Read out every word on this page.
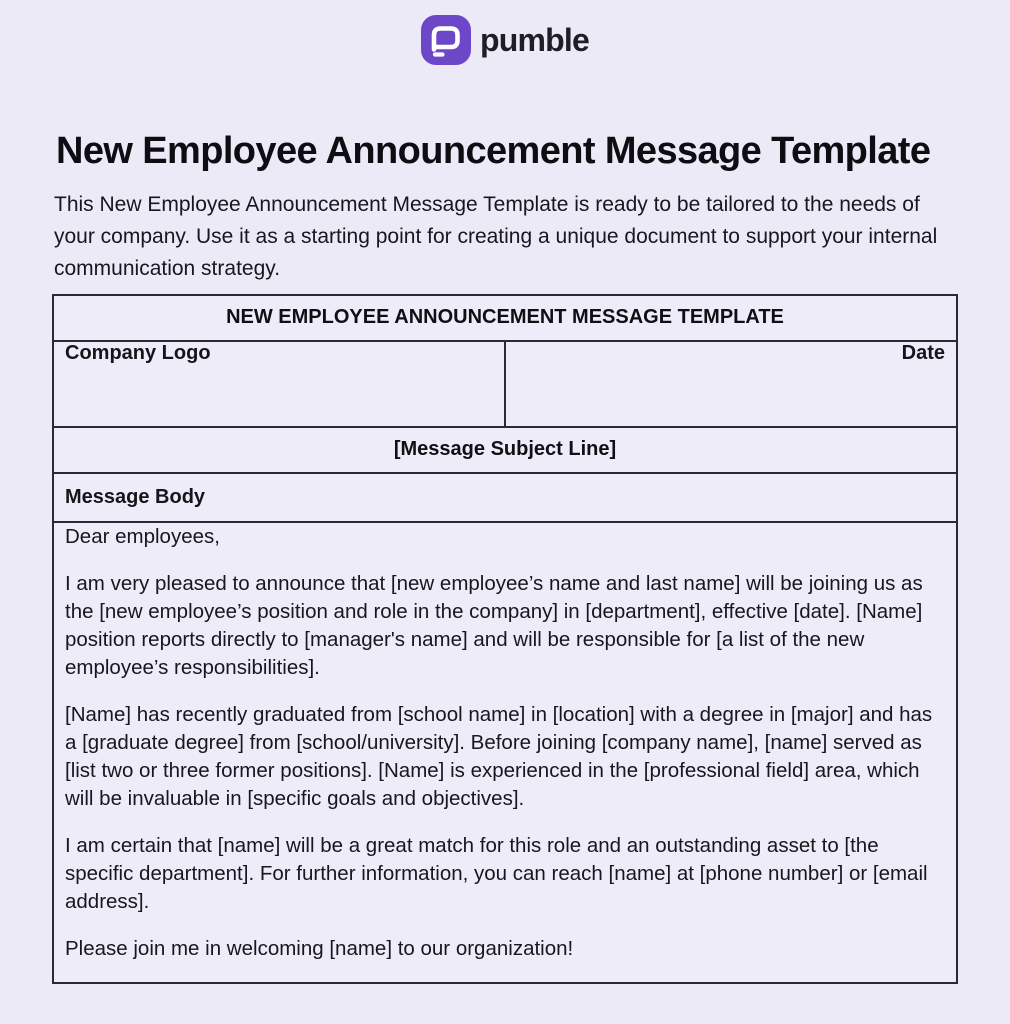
pumble
New Employee Announcement Message Template

This New Employee Announcement Message Template is ready to be tailored to the needs of your company. Use it as a starting point for creating a unique document to support your internal communication strategy.

NEW EMPLOYEE ANNOUNCEMENT MESSAGE TEMPLATE
Company Logo	Date
[Message Subject Line]
Message Body

Dear employees,

I am very pleased to announce that [new employee’s name and last name] will be joining us as the [new employee’s position and role in the company] in [department], effective [date]. [Name] position reports directly to [manager's name] and will be responsible for [a list of the new employee’s responsibilities].

[Name] has recently graduated from [school name] in [location] with a degree in [major] and has a [graduate degree] from [school/university]. Before joining [company name], [name] served as [list two or three former positions]. [Name] is experienced in the [professional field] area, which will be invaluable in [specific goals and objectives].

I am certain that [name] will be a great match for this role and an outstanding asset to [the specific department]. For further information, you can reach [name] at [phone number] or [email address].

Please join me in welcoming [name] to our organization!
